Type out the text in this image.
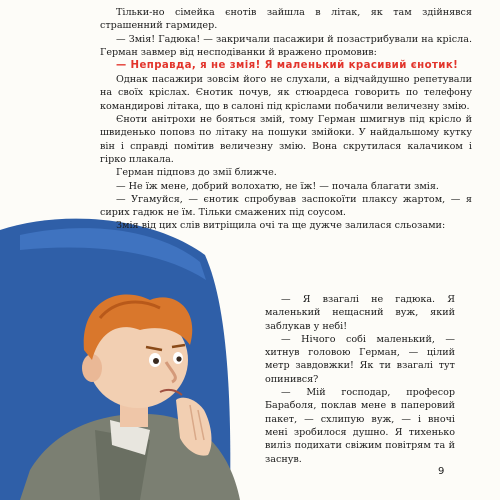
Тільки-но сімейка єнотів зайшла в літак, як там здійнявся страшенний гармидер.

— Змія! Гадюка! — закричали пасажири й позастрибували на крісла. Герман завмер від несподіванки й вражено промовив:

— Неправда, я не змія! Я маленький красивий єнотик!

Однак пасажири зовсім його не слухали, а відчайдушно репетували на своїх кріслах. Єнотик почув, як стюардеса говорить по телефону командирові літака, що в салоні під кріслами побачили величезну змію.

Єноти анітрохи не бояться змій, тому Герман шмигнув під крісло й швиденько поповз по літаку на пошуки змійоки. У найдальшому кутку він і справді помітив величезну змію. Вона скрутилася калачиком і гірко плакала.

Герман підповз до змії ближче.

— Не їж мене, добрий волохатю, не їж! — почала благати змія.

— Угамуйся, — єнотик спробував заспокоїти плаксу жартом, — я сирих гадюк не їм. Тільки смажених під соусом.

Змія від цих слів витріщила очі та ще дужче залилася сльозами:

— Я взагалі не гадюка. Я маленький нещасний вуж, який заблукав у небі!

— Нічого собі маленький, — хитнув головою Герман, — цілий метр завдовжки! Як ти взагалі тут опинився?

— Мій господар, професор Бараболя, поклав мене в паперовий пакет, — схлипую вуж, — і вночі мені зробилося душно. Я тихенько виліз подихати свіжим повітрям та й заснув.

9
